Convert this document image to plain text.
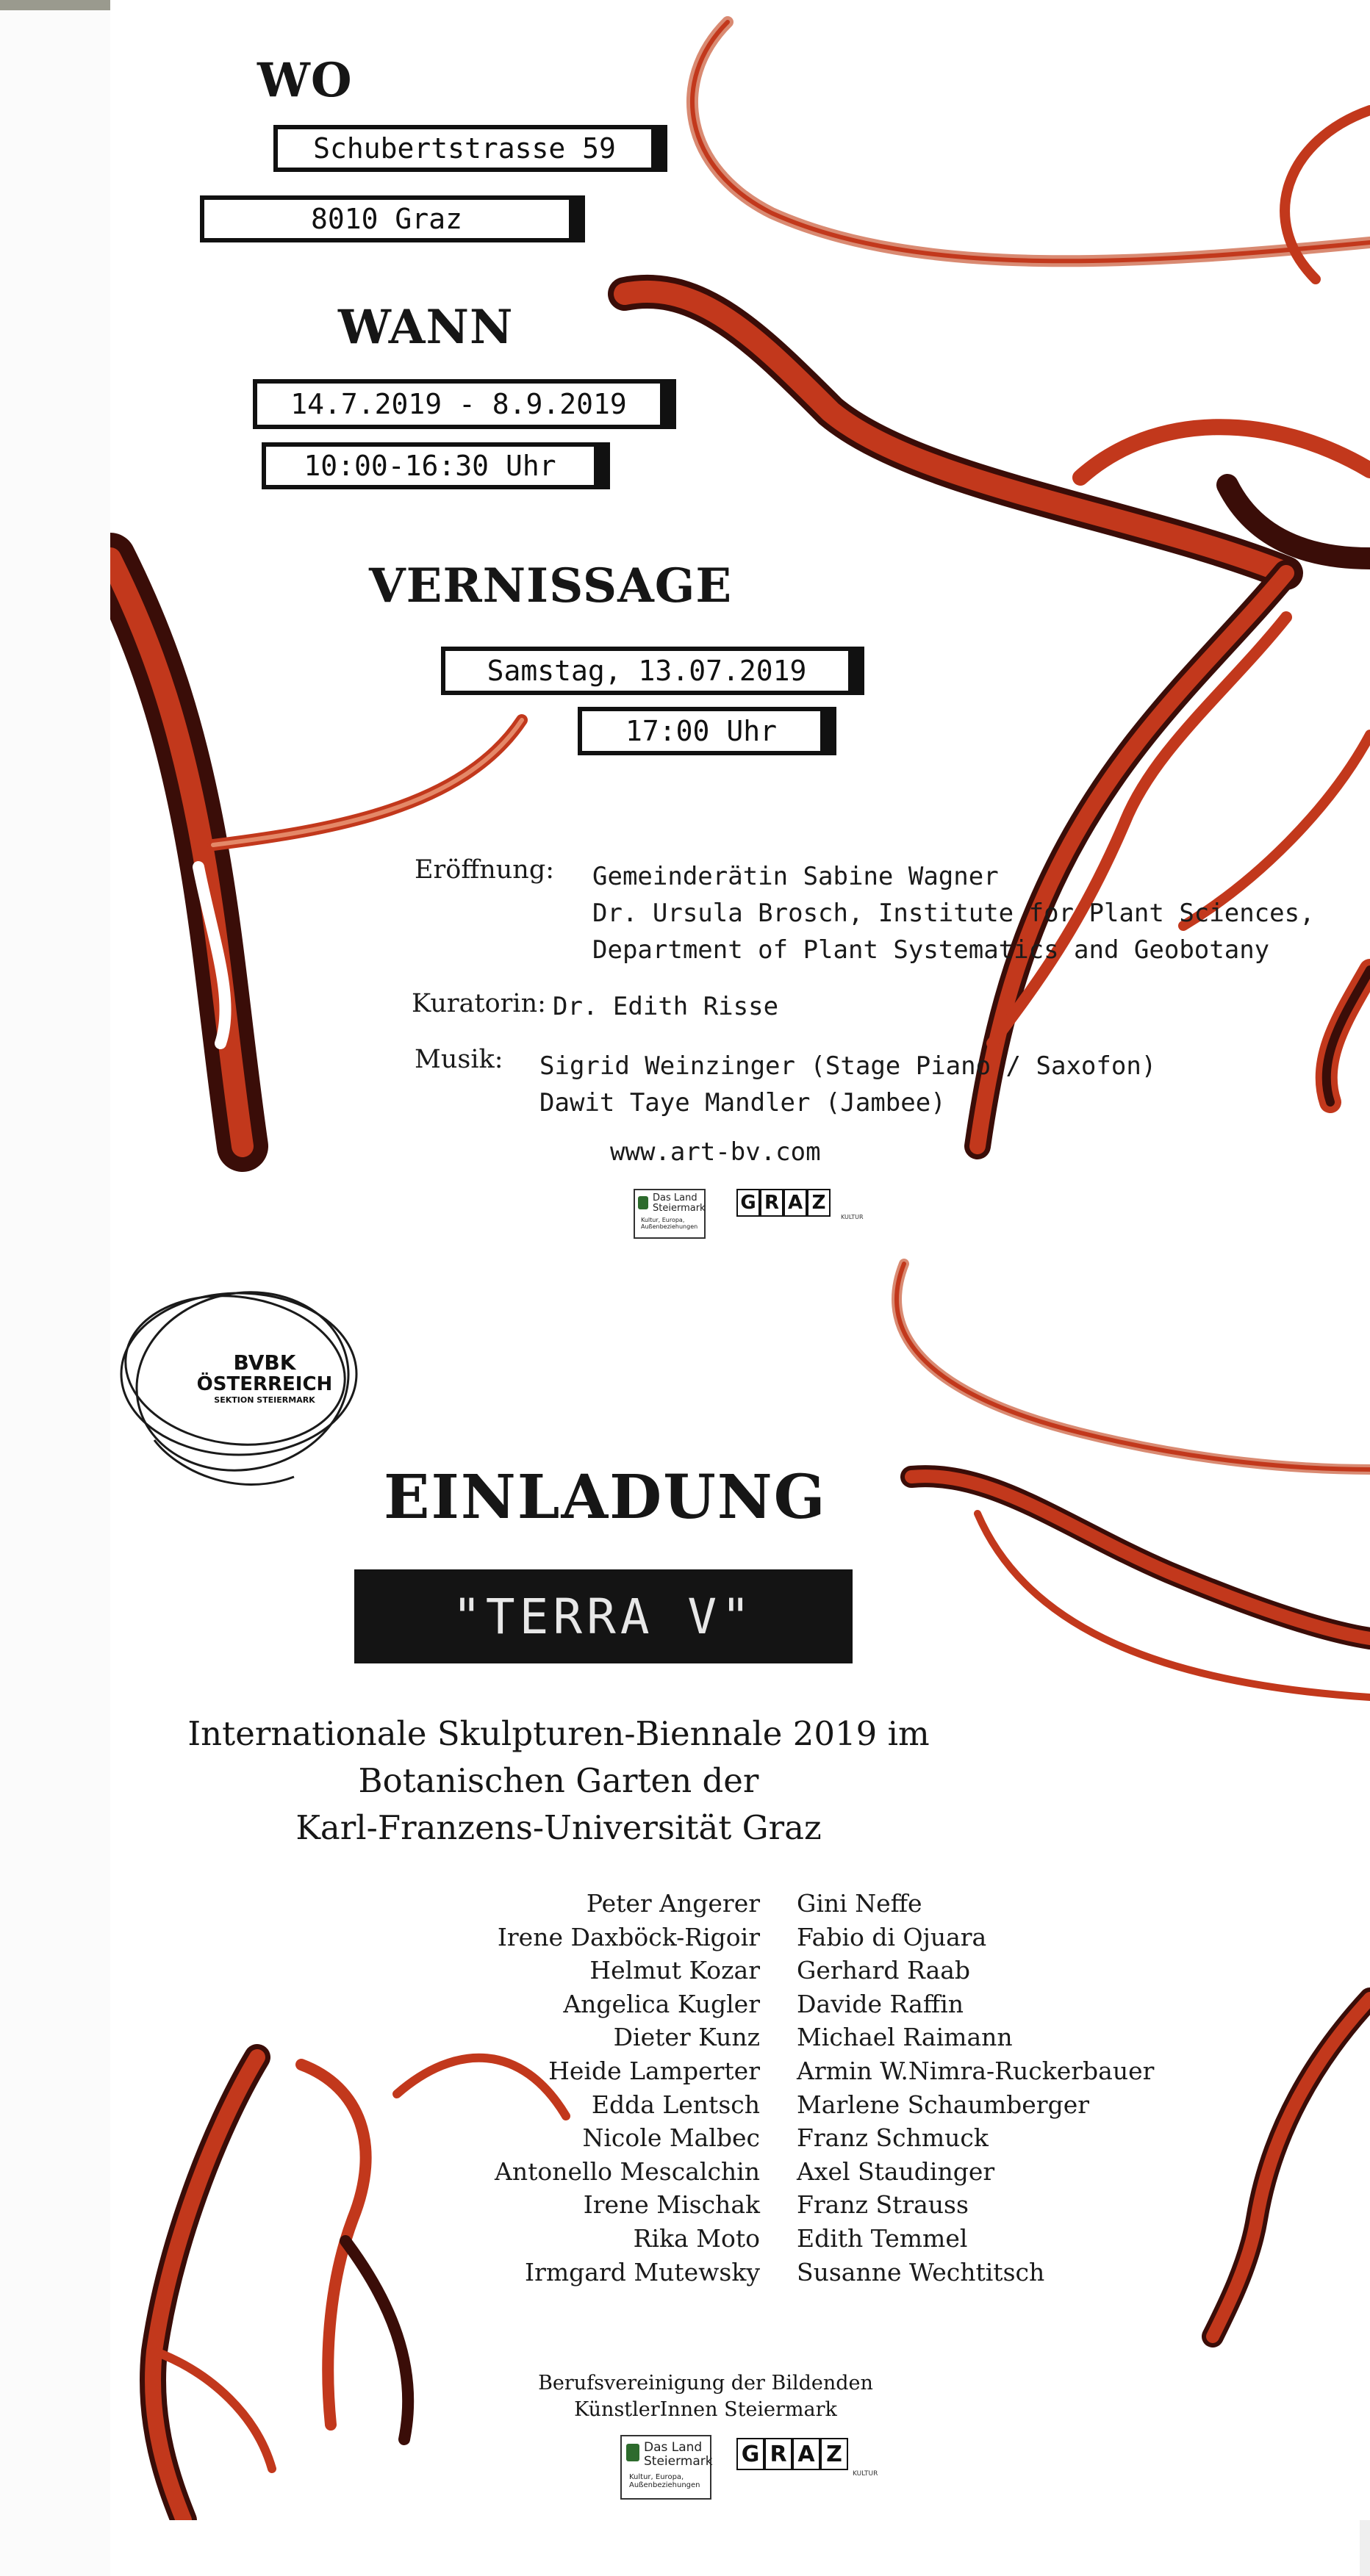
WO
Schubertstrasse 59
8010 Graz
WANN
14.7.2019 - 8.9.2019
10:00-16:30 Uhr
VERNISSAGE
Samstag, 13.07.2019
17:00 Uhr
Eröffnung: Gemeinderätin Sabine Wagner
Dr. Ursula Brosch, Institute for Plant Sciences,
Department of Plant Systematics and Geobotany
Kuratorin: Dr. Edith Risse
Musik: Sigrid Weinzinger (Stage Piano / Saxofon)
Dawit Taye Mandler (Jambee)
www.art-bv.com
Das Land
Steiermark
Kultur, Europa,
Außenbeziehungen
G R A Z
KULTUR
BVBK
ÖSTERREICH
SEKTION STEIERMARK
EINLADUNG
"TERRA V"
Internationale Skulpturen-Biennale 2019 im
Botanischen Garten der
Karl-Franzens-Universität Graz
Peter Angerer
Irene Daxböck-Rigoir
Helmut Kozar
Angelica Kugler
Dieter Kunz
Heide Lamperter
Edda Lentsch
Nicole Malbec
Antonello Mescalchin
Irene Mischak
Rika Moto
Irmgard Mutewsky
Gini Neffe
Fabio di Ojuara
Gerhard Raab
Davide Raffin
Michael Raimann
Armin W.Nimra-Ruckerbauer
Marlene Schaumberger
Franz Schmuck
Axel Staudinger
Franz Strauss
Edith Temmel
Susanne Wechtitsch
Berufsvereinigung der Bildenden
KünstlerInnen Steiermark
Das Land
Steiermark
Kultur, Europa,
Außenbeziehungen
G R A Z
KULTUR
